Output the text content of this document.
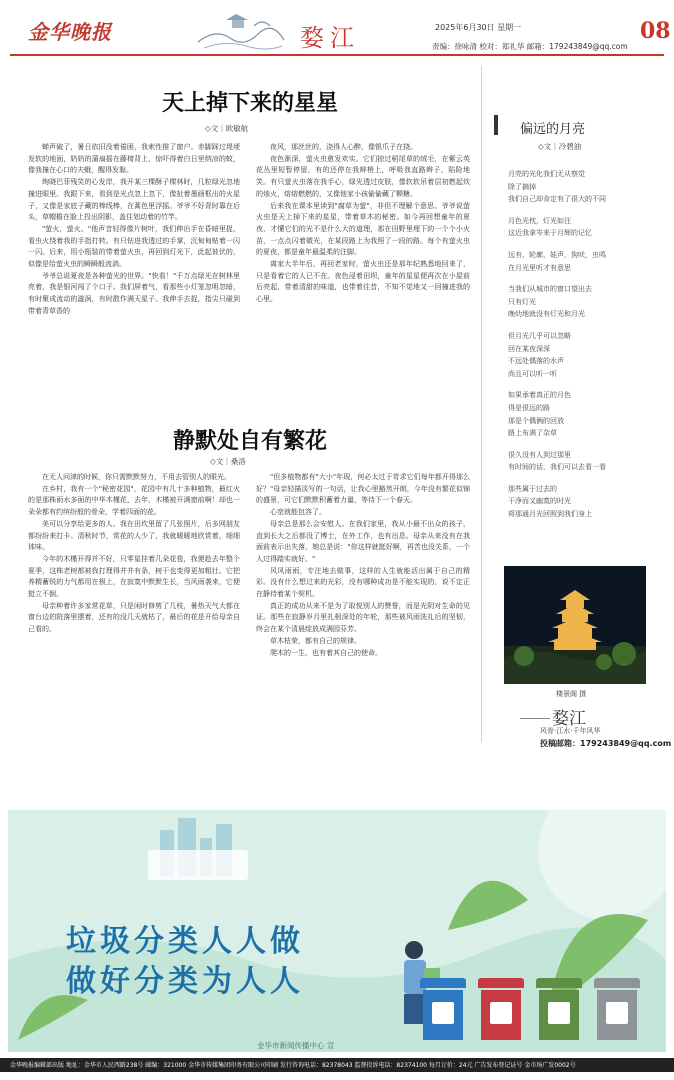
金华晚报	婺江	2025年6月30日 星期一	08
责编：徐咏清 校对：郑礼华 邮箱：179243849@qq.com
天上掉下来的星星
◇文｜欧敏航

蝉声破了，暑日依旧没着倦困，我索性推了窗户。赤脚踩过堤埂发软的地面，奶奶的蒲扇摇在藤椅背上，惊吓得着白日里纳凉的蚊，像我撞在心口的夫蛾，醒得发黏。

绚晓巴菲残笑的心发岸，我开某三棵酥子棵林时，几粒绿光忽地撞进眼里。我跟下来，看到是光点忽上忽下，像扯着墨画框出的火星子，又像是家底子藏的棒线棒，在蒿色里浮摇。爷爷不好背时靠在后头，草帽檐在脸上投出阴影，盖住划动着的竹竿。

"萤火，萤火。"他声音轻得像片树叶，我们伸出手在昏暗里捉，看虫火绕着我的手指打转。有只钻进我透过的手掌，沉甸甸贴着一闪一闪。后来，用小瓶装的带着萤火虫，再回到灯光下，此起彼伏的，似像是给萤火虫的瞬瞬般流淌。

爷爷总说夏夜是各种萤光的世界。"快看！"千万点绿光在树林里亮着，我是银河闯了个口子。我们屏着气，看那些小灯笼忽明忽暗，有时聚成流动的漩涡，有时散作满天星子。我伸手去捉，指尖只碰到带着青草香的

夜风，那丝丝的，浇得人心醉，像银爪子在挠。

夜色渐深，萤火虫愈发欢实。它们掠过稻尾草的绒毛，在紫云英花丛里短暂停留，有的还停在我辫梢上，呼吸我直路辫子，陷险地笑。有只萤火虫落在我手心，绿光透过皮肤，像软软吊着层初燃起炊的烛火，熔熔燃燃的，又像他家小孩偷偷藏了颗糖。

后来我在课本里读到"腐草为萤"，非但不理解个意思。爷爷说萤火虫是天上掉下来的星星，带着草木的秘密。如今再回想童年的夏夜，才懂它们的光不是什么大的道理，那在田野里埋下的一个个小火苗，一点点闪着微光，在某段路上为我照了一段的路。每个有萤火虫的夏夜，都是童年最温柔的注脚。

离家大半年后，再回老家时，萤火虫还是那年纪熟悉地回来了，只是看着它的人已不在。夜色浸着田坝，童年的星星便再次在小屋前后亮起，带着清甜的味道，也带着往昔，不知不觉地又一回撞进我的心里。

静默处自有繁花
◇文｜桑洛

在无人问津的时候，你只需默默努力，不用去管别人的眼光。

在乡村，我有一个"秘密花园"，花园中有几十多种植物，最红火的是那株雨水多面的中华木槿花，去年，木槿被开满窗前啊！却也一朵朵都有约缤纷般的骨朵，学着四面的花。

美可以分享给更多的人。我在田坎里留了几张照片，后多网朋友都纷纷来打卡。清秋时节，赏花的人少了，我就暖暖地欣赏着，细细体味。

今年的木槿开得并不好，只零星挂着几朵花苞，我便趁去年整个夏季，这株老树都被我打理得井井有条，树干也变得更加粗壮。它把养精蓄锐的力气都用在根上，在寂寞中默默生长，当风雨袭来，它便挺立不倒。

母亲种着许多家常花草，只是闲时修剪了几枝，暑热天气大都在窗台边的院落里摆着，还有的没几天就枯了，最后的花是开给母亲自己看的。

"但多植物都有"大小"年现，何必太过于苛求它们每年都开得那么好？"母亲轻描淡写的一句话，让我心里豁然开朗，今年没有繁花似锦的盛景，可它们默默积蓄着力量，等待下一个春天。

心宽就能包容了。

母亲总是那么会安慰人。在我们家里，我从小最不出众的孩子，直到长大之后都没了博士，在外工作，也有出息。母亲从来没有在我面前表示出失落，她总是说："你这样就挺好啊，再苦也没关系，一个人过得踏实就好。"

风风雨雨，专注地去做事，这样的人生就能活出属于自己的精彩。没有什么想过来的光彩，没有哪种成功是不能实现的，说不定正在静待着某个契机。

真正的成功从来不是为了取悦别人的赞誉，而是光阴对生命的见证。那些在寂静岁月里扎根深处的年轮，那些被风雨洗礼后的坚韧，终会在某个清晨绽放成满园芬芳。

草木枯荣，都有自己的规律。

爬木的一生，也有着其自己的使命。

偏远的月亮
◇文｜冷碧油
月亮的光化我们无从察觉
除了摘掉
我们自己却肯定有了很大的不同
月色光枕，灯光如注
这近我拿岑来于月辉的记忆
远有，轮廓，娃声，狗吠，虫鸣
在月光里听才有意思
当我们从城市的窗口望出去
只有灯光
晚幼地就没有灯光和月光
但月光几乎可以忽略
回在某夜深深
不远处偶落的水声
尚且可以听一听
如果承着真正的月色
得是很远的路
那是个偶俩的回放
路上布满了杂草
很久没有人到过那里
有时间的话，我们可以去看一看
那些属于过去的
干净而又幽寞的时光
将那通月光回照到我们身上
楼景阁 摄
婺江
风骨·江水·千年风华
投稿邮箱：179243849@qq.com
垃圾分类人人做
做好分类为人人
金华市新闻传播中心 宣
金华晚报编辑部出版 地址：金华市人民西路238号 邮编：321000 金华市传媒集团印务有限公司印刷 发行咨询电话：82378043 监督投诉电话：82374100 每月订价：24元 广告发布登记证号 金市场广发0002号
